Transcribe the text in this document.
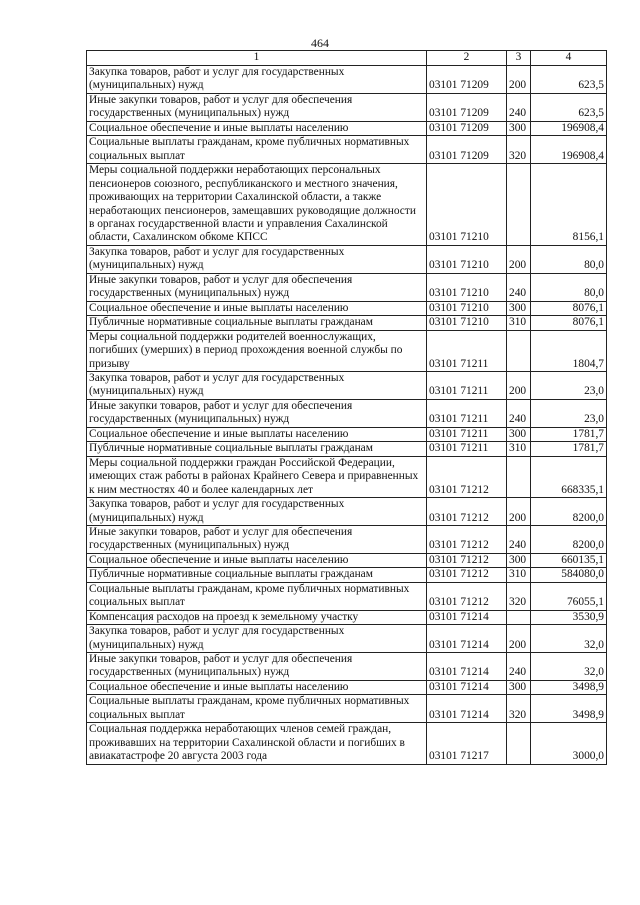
464
1	2	3	4
Закупка товаров, работ и услуг для государственных (муниципальных) нужд	03101 71209	200	623,5
Иные закупки товаров, работ и услуг для обеспечения государственных (муниципальных) нужд	03101 71209	240	623,5
Социальное обеспечение и иные выплаты населению	03101 71209	300	196908,4
Социальные выплаты гражданам, кроме публичных нормативных социальных выплат	03101 71209	320	196908,4
Меры социальной поддержки неработающих персональных пенсионеров союзного, республиканского и местного значения, проживающих на территории Сахалинской области, а также неработающих пенсионеров, замещавших руководящие должности в органах государственной власти и управления Сахалинской области, Сахалинском обкоме КПСС	03101 71210		8156,1
Закупка товаров, работ и услуг для государственных (муниципальных) нужд	03101 71210	200	80,0
Иные закупки товаров, работ и услуг для обеспечения государственных (муниципальных) нужд	03101 71210	240	80,0
Социальное обеспечение и иные выплаты населению	03101 71210	300	8076,1
Публичные нормативные социальные выплаты гражданам	03101 71210	310	8076,1
Меры социальной поддержки родителей военнослужащих, погибших (умерших) в период прохождения военной службы по призыву	03101 71211		1804,7
Закупка товаров, работ и услуг для государственных (муниципальных) нужд	03101 71211	200	23,0
Иные закупки товаров, работ и услуг для обеспечения государственных (муниципальных) нужд	03101 71211	240	23,0
Социальное обеспечение и иные выплаты населению	03101 71211	300	1781,7
Публичные нормативные социальные выплаты гражданам	03101 71211	310	1781,7
Меры социальной поддержки граждан Российской Федерации, имеющих стаж работы в районах Крайнего Севера и приравненных к ним местностях 40 и более календарных лет	03101 71212		668335,1
Закупка товаров, работ и услуг для государственных (муниципальных) нужд	03101 71212	200	8200,0
Иные закупки товаров, работ и услуг для обеспечения государственных (муниципальных) нужд	03101 71212	240	8200,0
Социальное обеспечение и иные выплаты населению	03101 71212	300	660135,1
Публичные нормативные социальные выплаты гражданам	03101 71212	310	584080,0
Социальные выплаты гражданам, кроме публичных нормативных социальных выплат	03101 71212	320	76055,1
Компенсация расходов на проезд к земельному участку	03101 71214		3530,9
Закупка товаров, работ и услуг для государственных (муниципальных) нужд	03101 71214	200	32,0
Иные закупки товаров, работ и услуг для обеспечения государственных (муниципальных) нужд	03101 71214	240	32,0
Социальное обеспечение и иные выплаты населению	03101 71214	300	3498,9
Социальные выплаты гражданам, кроме публичных нормативных социальных выплат	03101 71214	320	3498,9
Социальная поддержка неработающих членов семей граждан, проживавших на территории Сахалинской области и погибших в авиакатастрофе 20 августа 2003 года	03101 71217		3000,0
